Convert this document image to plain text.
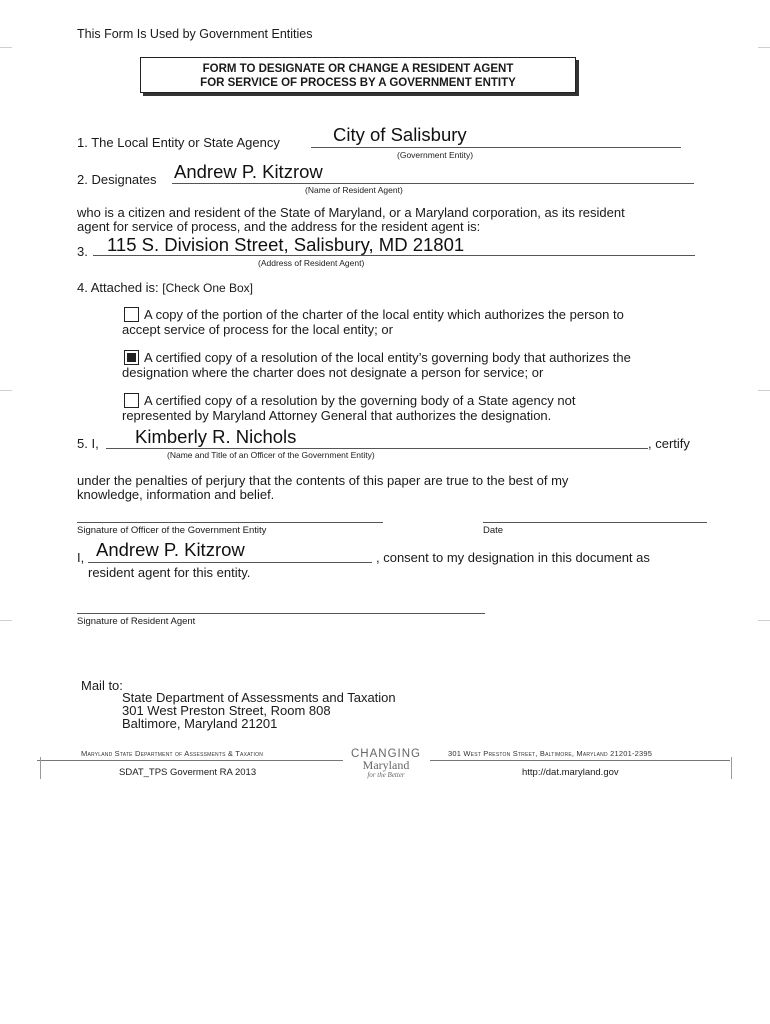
This Form Is Used by Government Entities
FORM TO DESIGNATE OR CHANGE A RESIDENT AGENT
FOR SERVICE OF PROCESS BY A GOVERNMENT ENTITY
1. The Local Entity or State Agency	City of Salisbury
(Government Entity)
2. Designates Andrew P. Kitzrow
(Name of Resident Agent)
who is a citizen and resident of the State of Maryland, or a Maryland corporation, as its resident
agent for service of process, and the address for the resident agent is:
3. 115 S. Division Street, Salisbury, MD 21801
(Address of Resident Agent)
4. Attached is: [Check One Box]
A copy of the portion of the charter of the local entity which authorizes the person to
accept service of process for the local entity; or
A certified copy of a resolution of the local entity’s governing body that authorizes the
designation where the charter does not designate a person for service; or
A certified copy of a resolution by the governing body of a State agency not
represented by Maryland Attorney General that authorizes the designation.
5. I, Kimberly R. Nichols	, certify
(Name and Title of an Officer of the Government Entity)
under the penalties of perjury that the contents of this paper are true to the best of my
knowledge, information and belief.
Signature of Officer of the Government Entity	Date
I, Andrew P. Kitzrow	, consent to my designation in this document as
resident agent for this entity.
Signature of Resident Agent
Mail to:
State Department of Assessments and Taxation
301 West Preston Street, Room 808
Baltimore, Maryland 21201
Maryland State Department of Assessments & Taxation	301 West Preston Street, Baltimore, Maryland 21201-2395
CHANGING
Maryland
for the Better
SDAT_TPS Goverment RA 2013	http://dat.maryland.gov
